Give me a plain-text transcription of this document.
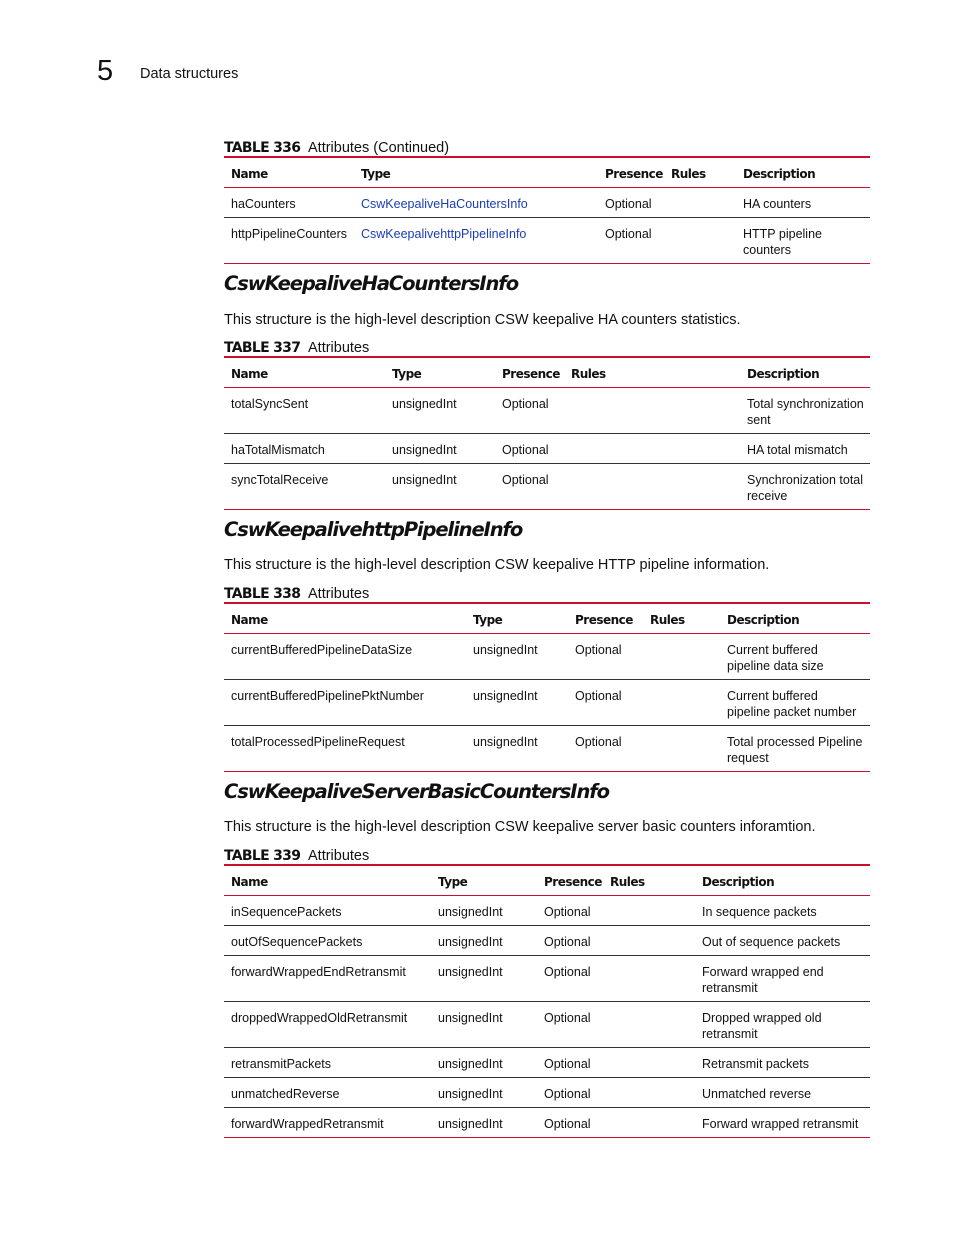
5 Data structures
TABLE 336 Attributes (Continued)
Name	Type	Presence	Rules	Description
haCounters	CswKeepaliveHaCountersInfo	Optional		HA counters
httpPipelineCounters	CswKeepalivehttpPipelineInfo	Optional		HTTP pipeline counters
CswKeepaliveHaCountersInfo

This structure is the high-level description CSW keepalive HA counters statistics.

TABLE 337 Attributes
Name	Type	Presence	Rules	Description
totalSyncSent	unsignedInt	Optional		Total synchronization sent
haTotalMismatch	unsignedInt	Optional		HA total mismatch
syncTotalReceive	unsignedInt	Optional		Synchronization total receive
CswKeepalivehttpPipelineInfo

This structure is the high-level description CSW keepalive HTTP pipeline information.

TABLE 338 Attributes
Name	Type	Presence	Rules	Description
currentBufferedPipelineDataSize	unsignedInt	Optional		Current buffered pipeline data size
currentBufferedPipelinePktNumber	unsignedInt	Optional		Current buffered pipeline packet number
totalProcessedPipelineRequest	unsignedInt	Optional		Total processed Pipeline request
CswKeepaliveServerBasicCountersInfo

This structure is the high-level description CSW keepalive server basic counters inforamtion.

TABLE 339 Attributes
Name	Type	Presence	Rules	Description
inSequencePackets	unsignedInt	Optional		In sequence packets
outOfSequencePackets	unsignedInt	Optional		Out of sequence packets
forwardWrappedEndRetransmit	unsignedInt	Optional		Forward wrapped end retransmit
droppedWrappedOldRetransmit	unsignedInt	Optional		Dropped wrapped old retransmit
retransmitPackets	unsignedInt	Optional		Retransmit packets
unmatchedReverse	unsignedInt	Optional		Unmatched reverse
forwardWrappedRetransmit	unsignedInt	Optional		Forward wrapped retransmit
